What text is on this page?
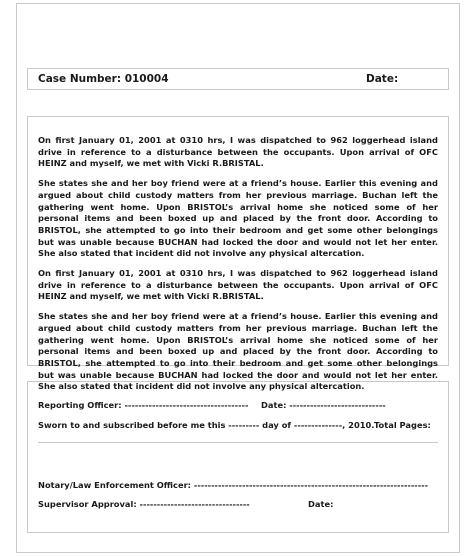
Case Number: 010004	Date:

On first January 01, 2001 at 0310 hrs, I was dispatched to 962 loggerhead island drive in reference to a disturbance between the occupants. Upon arrival of OFC HEINZ and myself, we met with Vicki R.BRISTAL.

She states she and her boy friend were at a friend’s house. Earlier this evening and argued about child custody matters from her previous marriage. Buchan left the gathering went home. Upon BRISTOL’s arrival home she noticed some of her personal items and been boxed up and placed by the front door. According to BRISTOL, she attempted to go into their bedroom and get some other belongings but was unable because BUCHAN had locked the door and would not let her enter. She also stated that incident did not involve any physical altercation.

On first January 01, 2001 at 0310 hrs, I was dispatched to 962 loggerhead island drive in reference to a disturbance between the occupants. Upon arrival of OFC HEINZ and myself, we met with Vicki R.BRISTAL.

She states she and her boy friend were at a friend’s house. Earlier this evening and argued about child custody matters from her previous marriage. Buchan left the gathering went home. Upon BRISTOL’s arrival home she noticed some of her personal items and been boxed up and placed by the front door. According to BRISTOL, she attempted to go into their bedroom and get some other belongings but was unable because BUCHAN had locked the door and would not let her enter. She also stated that incident did not involve any physical altercation.

Reporting Officer: ------------------------------------ Date: ----------------------------
Sworn to and subscribed before me this --------- day of --------------, 2010. Total Pages:
Notary/Law Enforcement Officer: --------------------------------------------------------------------
Supervisor Approval: --------------------------------	Date:
